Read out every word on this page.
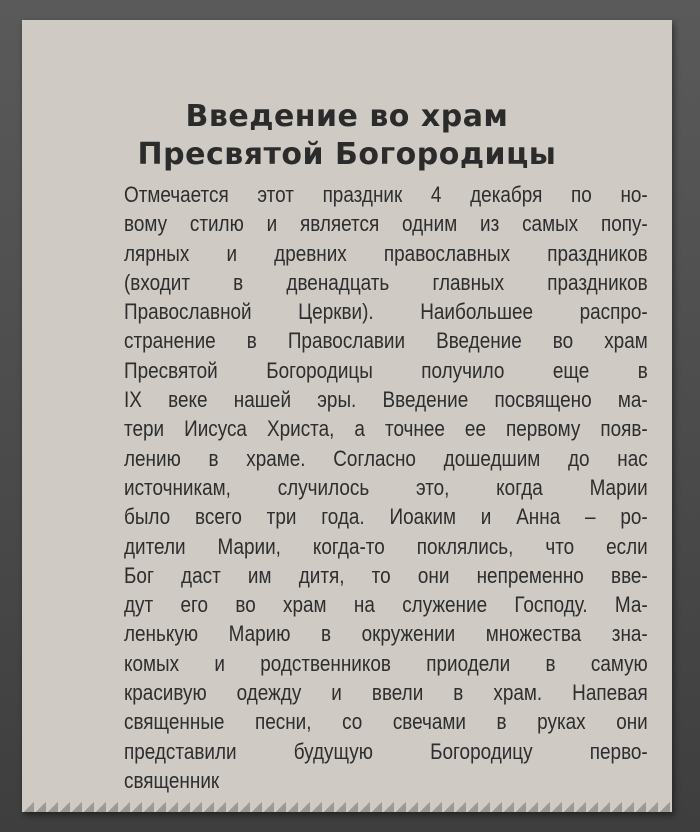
Введение во храм
Пресвятой Богородицы
Отмечается этот праздник 4 декабря по но-
вому стилю и является одним из самых попу-
лярных и древних православных праздников
(входит в двенадцать главных праздников
Православной Церкви). Наибольшее распро-
странение в Православии Введение во храм
Пресвятой Богородицы получило еще в
IX веке нашей эры. Введение посвящено ма-
тери Иисуса Христа, а точнее ее первому появ-
лению в храме. Согласно дошедшим до нас
источникам, случилось это, когда Марии
было всего три года. Иоаким и Анна – ро-
дители Марии, когда-то поклялись, что если
Бог даст им дитя, то они непременно вве-
дут его во храм на служение Господу. Ма-
ленькую Марию в окружении множества зна-
комых и родственников приодели в самую
красивую одежду и ввели в храм. Напевая
священные песни, со свечами в руках они
представили будущую Богородицу перво-
священник
